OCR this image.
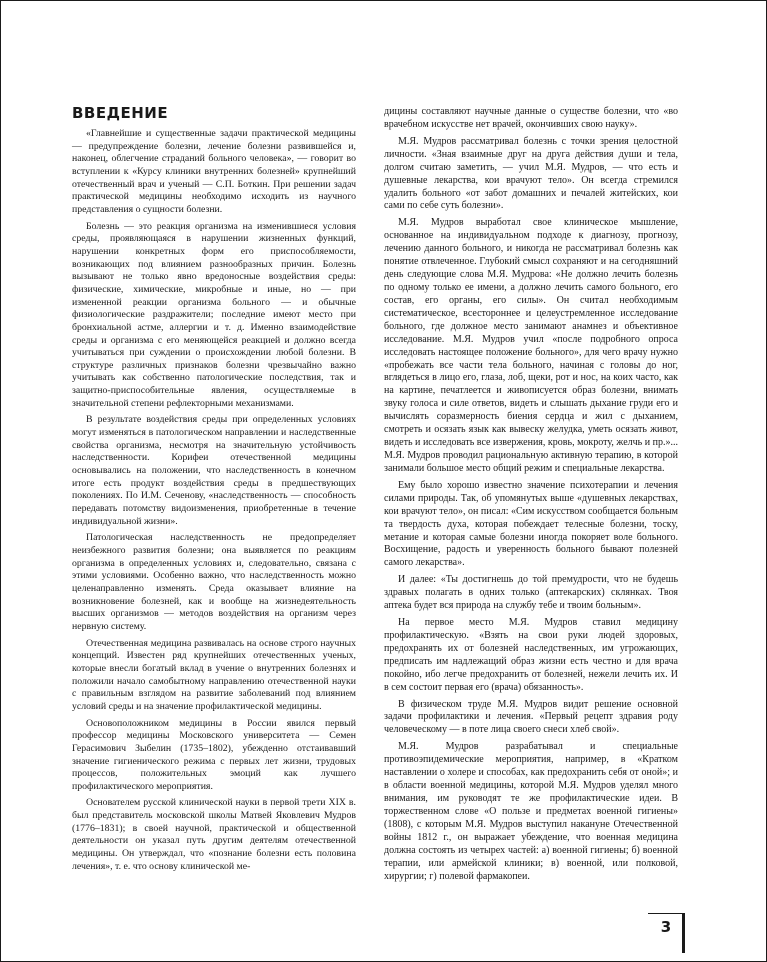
ВВЕДЕНИЕ

«Главнейшие и существенные задачи практической медицины — предупреждение болезни, лечение болезни развившейся и, наконец, облегчение страданий больного человека», — говорит во вступлении к «Курсу клиники внутренних болезней» крупнейший отечественный врач и ученый — С.П. Боткин. При решении задач практической медицины необходимо исходить из научного представления о сущности болезни.

Болезнь — это реакция организма на изменившиеся условия среды, проявляющаяся в нарушении жизненных функций, нарушении конкретных форм его приспособляемости, возникающих под влиянием разнообразных причин. Болезнь вызывают не только явно вредоносные воздействия среды: физические, химические, микробные и иные, но — при измененной реакции организма больного — и обычные физиологические раздражители; последние имеют место при бронхиальной астме, аллергии и т. д. Именно взаимодействие среды и организма с его меняющейся реакцией и должно всегда учитываться при суждении о происхождении любой болезни. В структуре различных признаков болезни чрезвычайно важно учитывать как собственно патологические последствия, так и защитно-приспособительные явления, осуществляемые в значительной степени рефлекторными механизмами.

В результате воздействия среды при определенных условиях могут изменяться в патологическом направлении и наследственные свойства организма, несмотря на значительную устойчивость наследственности. Корифеи отечественной медицины основывались на положении, что наследственность в конечном итоге есть продукт воздействия среды в предшествующих поколениях. По И.М. Сеченову, «наследственность — способность передавать потомству видоизменения, приобретенные в течение индивидуальной жизни».

Патологическая наследственность не предопределяет неизбежного развития болезни; она выявляется по реакциям организма в определенных условиях и, следовательно, связана с этими условиями. Особенно важно, что наследственность можно целенаправленно изменять. Среда оказывает влияние на возникновение болезней, как и вообще на жизнедеятельность высших организмов — методов воздействия на организм через нервную систему.

Отечественная медицина развивалась на основе строго научных концепций. Известен ряд крупнейших отечественных ученых, которые внесли богатый вклад в учение о внутренних болезнях и положили начало самобытному направлению отечественной науки с правильным взглядом на развитие заболеваний под влиянием условий среды и на значение профилактической медицины.

Основоположником медицины в России явился первый профессор медицины Московского университета — Семен Герасимович Зыбелин (1735–1802), убежденно отстаивавший значение гигиенического режима с первых лет жизни, трудовых процессов, положительных эмоций как лучшего профилактического мероприятия.

Основателем русской клинической науки в первой трети XIX в. был представитель московской школы Матвей Яковлевич Мудров (1776–1831); в своей научной, практической и общественной деятельности он указал путь другим деятелям отечественной медицины. Он утверждал, что «познание болезни есть половина лечения», т. е. что основу клинической ме-

дицины составляют научные данные о существе болезни, что «во врачебном искусстве нет врачей, окончивших свою науку».

М.Я. Мудров рассматривал болезнь с точки зрения целостной личности. «Зная взаимные друг на друга действия души и тела, долгом считаю заметить, — учил М.Я. Мудров, — что есть и душевные лекарства, кои врачуют тело». Он всегда стремился удалить больного «от забот домашних и печалей житейских, кои сами по себе суть болезни».

М.Я. Мудров выработал свое клиническое мышление, основанное на индивидуальном подходе к диагнозу, прогнозу, лечению данного больного, и никогда не рассматривал болезнь как понятие отвлеченное. Глубокий смысл сохраняют и на сегодняшний день следующие слова М.Я. Мудрова: «Не должно лечить болезнь по одному только ее имени, а должно лечить самого больного, его состав, его органы, его силы». Он считал необходимым систематическое, всестороннее и целеустремленное исследование больного, где должное место занимают анамнез и объективное исследование. М.Я. Мудров учил «после подробного опроса исследовать настоящее положение больного», для чего врачу нужно «пробежать все части тела больного, начиная с головы до ног, вглядеться в лицо его, глаза, лоб, щеки, рот и нос, на коих часто, как на картине, печатлеется и живописуется образ болезни, внимать звуку голоса и силе ответов, видеть и слышать дыхание груди его и вычислять соразмерность биения сердца и жил с дыханием, смотреть и осязать язык как вывеску желудка, уметь осязать живот, видеть и исследовать все извержения, кровь, мокроту, желчь и пр.»... М.Я. Мудров проводил рациональную активную терапию, в которой занимали большое место общий режим и специальные лекарства.

Ему было хорошо известно значение психотерапии и лечения силами природы. Так, об упомянутых выше «душевных лекарствах, кои врачуют тело», он писал: «Сим искусством сообщается больным та твердость духа, которая побеждает телесные болезни, тоску, метание и которая самые болезни иногда покоряет воле больного. Восхищение, радость и уверенность больного бывают полезней самого лекарства».

И далее: «Ты достигнешь до той премудрости, что не будешь здравых полагать в одних только (аптекарских) склянках. Твоя аптека будет вся природа на службу тебе и твоим больным».

На первое место М.Я. Мудров ставил медицину профилактическую. «Взять на свои руки людей здоровых, предохранять их от болезней наследственных, им угрожающих, предписать им надлежащий образ жизни есть честно и для врача покойно, ибо легче предохранить от болезней, нежели лечить их. И в сем состоит первая его (врача) обязанность».

В физическом труде М.Я. Мудров видит решение основной задачи профилактики и лечения. «Первый рецепт здравия роду человеческому — в поте лица своего снеси хлеб свой».

М.Я. Мудров разрабатывал и специальные противоэпидемические мероприятия, например, в «Кратком наставлении о холере и способах, как предохранить себя от оной»; и в области военной медицины, которой М.Я. Мудров уделял много внимания, им руководят те же профилактические идеи. В торжественном слове «О пользе и предметах военной гигиены» (1808), с которым М.Я. Мудров выступил накануне Отечественной войны 1812 г., он выражает убеждение, что военная медицина должна состоять из четырех частей: а) военной гигиены; б) военной терапии, или армейской клиники; в) военной, или полковой, хирургии; г) полевой фармакопеи.

3
